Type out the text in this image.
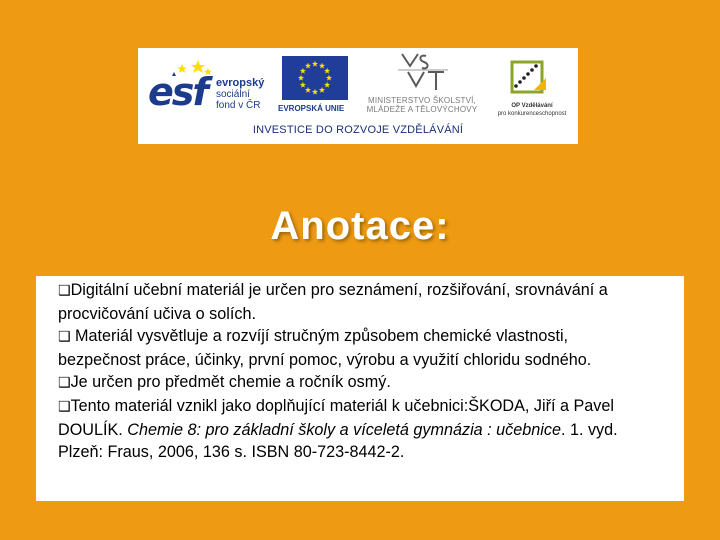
esf evropský
sociální
fond v ČR	EVROPSKÁ UNIE
MINISTERSTVO ŠKOLSTVÍ,
MLÁDEŽE A TĚLOVÝCHOVY	OP Vzdělávání
pro konkurenceschopnost
INVESTICE DO ROZVOJE VZDĚLÁVÁNÍ
Anotace:

❑Digitální učební materiál je určen pro seznámení, rozšiřování, srovnávání a procvičování učiva o solích.

❑ Materiál vysvětluje a rozvíjí stručným způsobem chemické vlastnosti, bezpečnost práce, účinky, první pomoc, výrobu a využití chloridu sodného.

❑Je určen pro předmět chemie a ročník osmý.

❑Tento materiál vznikl jako doplňující materiál k učebnici:ŠKODA, Jiří a Pavel DOULÍK. Chemie 8: pro základní školy a víceletá gymnázia : učebnice. 1. vyd. Plzeň: Fraus, 2006, 136 s. ISBN 80-723-8442-2.
